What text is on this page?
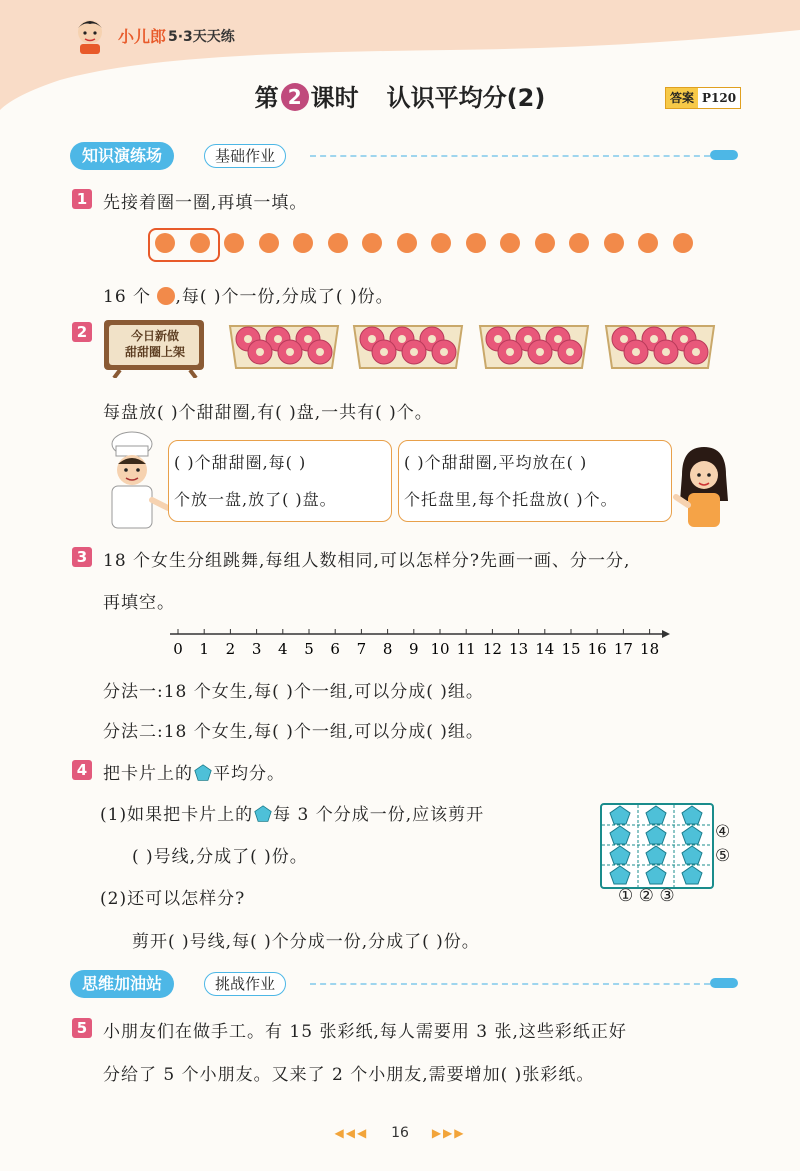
小儿郎 5·3天天练
第 2 课时 认识平均分(2)	答案 P120
知识演练场	基础作业
1 先接着圈一圈,再填一填。
16 个 ,每( )个一份,分成了( )份。
2	今日新做
甜甜圈上架
每盘放( )个甜甜圈,有( )盘,一共有( )个。
( )个甜甜圈,每( )
个放一盘,放了( )盘。
( )个甜甜圈,平均放在( )
个托盘里,每个托盘放( )个。
3 18 个女生分组跳舞,每组人数相同,可以怎样分?先画一画、分一分,
再填空。
0 1 2 3 4 5 6 7 8 9 10 11 12 13 14 15 16 17 18
分法一:18 个女生,每( )个一组,可以分成( )组。
分法二:18 个女生,每( )个一组,可以分成( )组。
4 把卡片上的 平均分。
(1)如果把卡片上的 每 3 个分成一份,应该剪开
( )号线,分成了( )份。
(2)还可以怎样分?
剪开( )号线,每( )个分成一份,分成了( )份。
④
⑤
① ② ③
思维加油站	挑战作业
5 小朋友们在做手工。有 15 张彩纸,每人需要用 3 张,这些彩纸正好
分给了 5 个小朋友。又来了 2 个小朋友,需要增加( )张彩纸。
◀◀◀ 16 ▶▶▶
